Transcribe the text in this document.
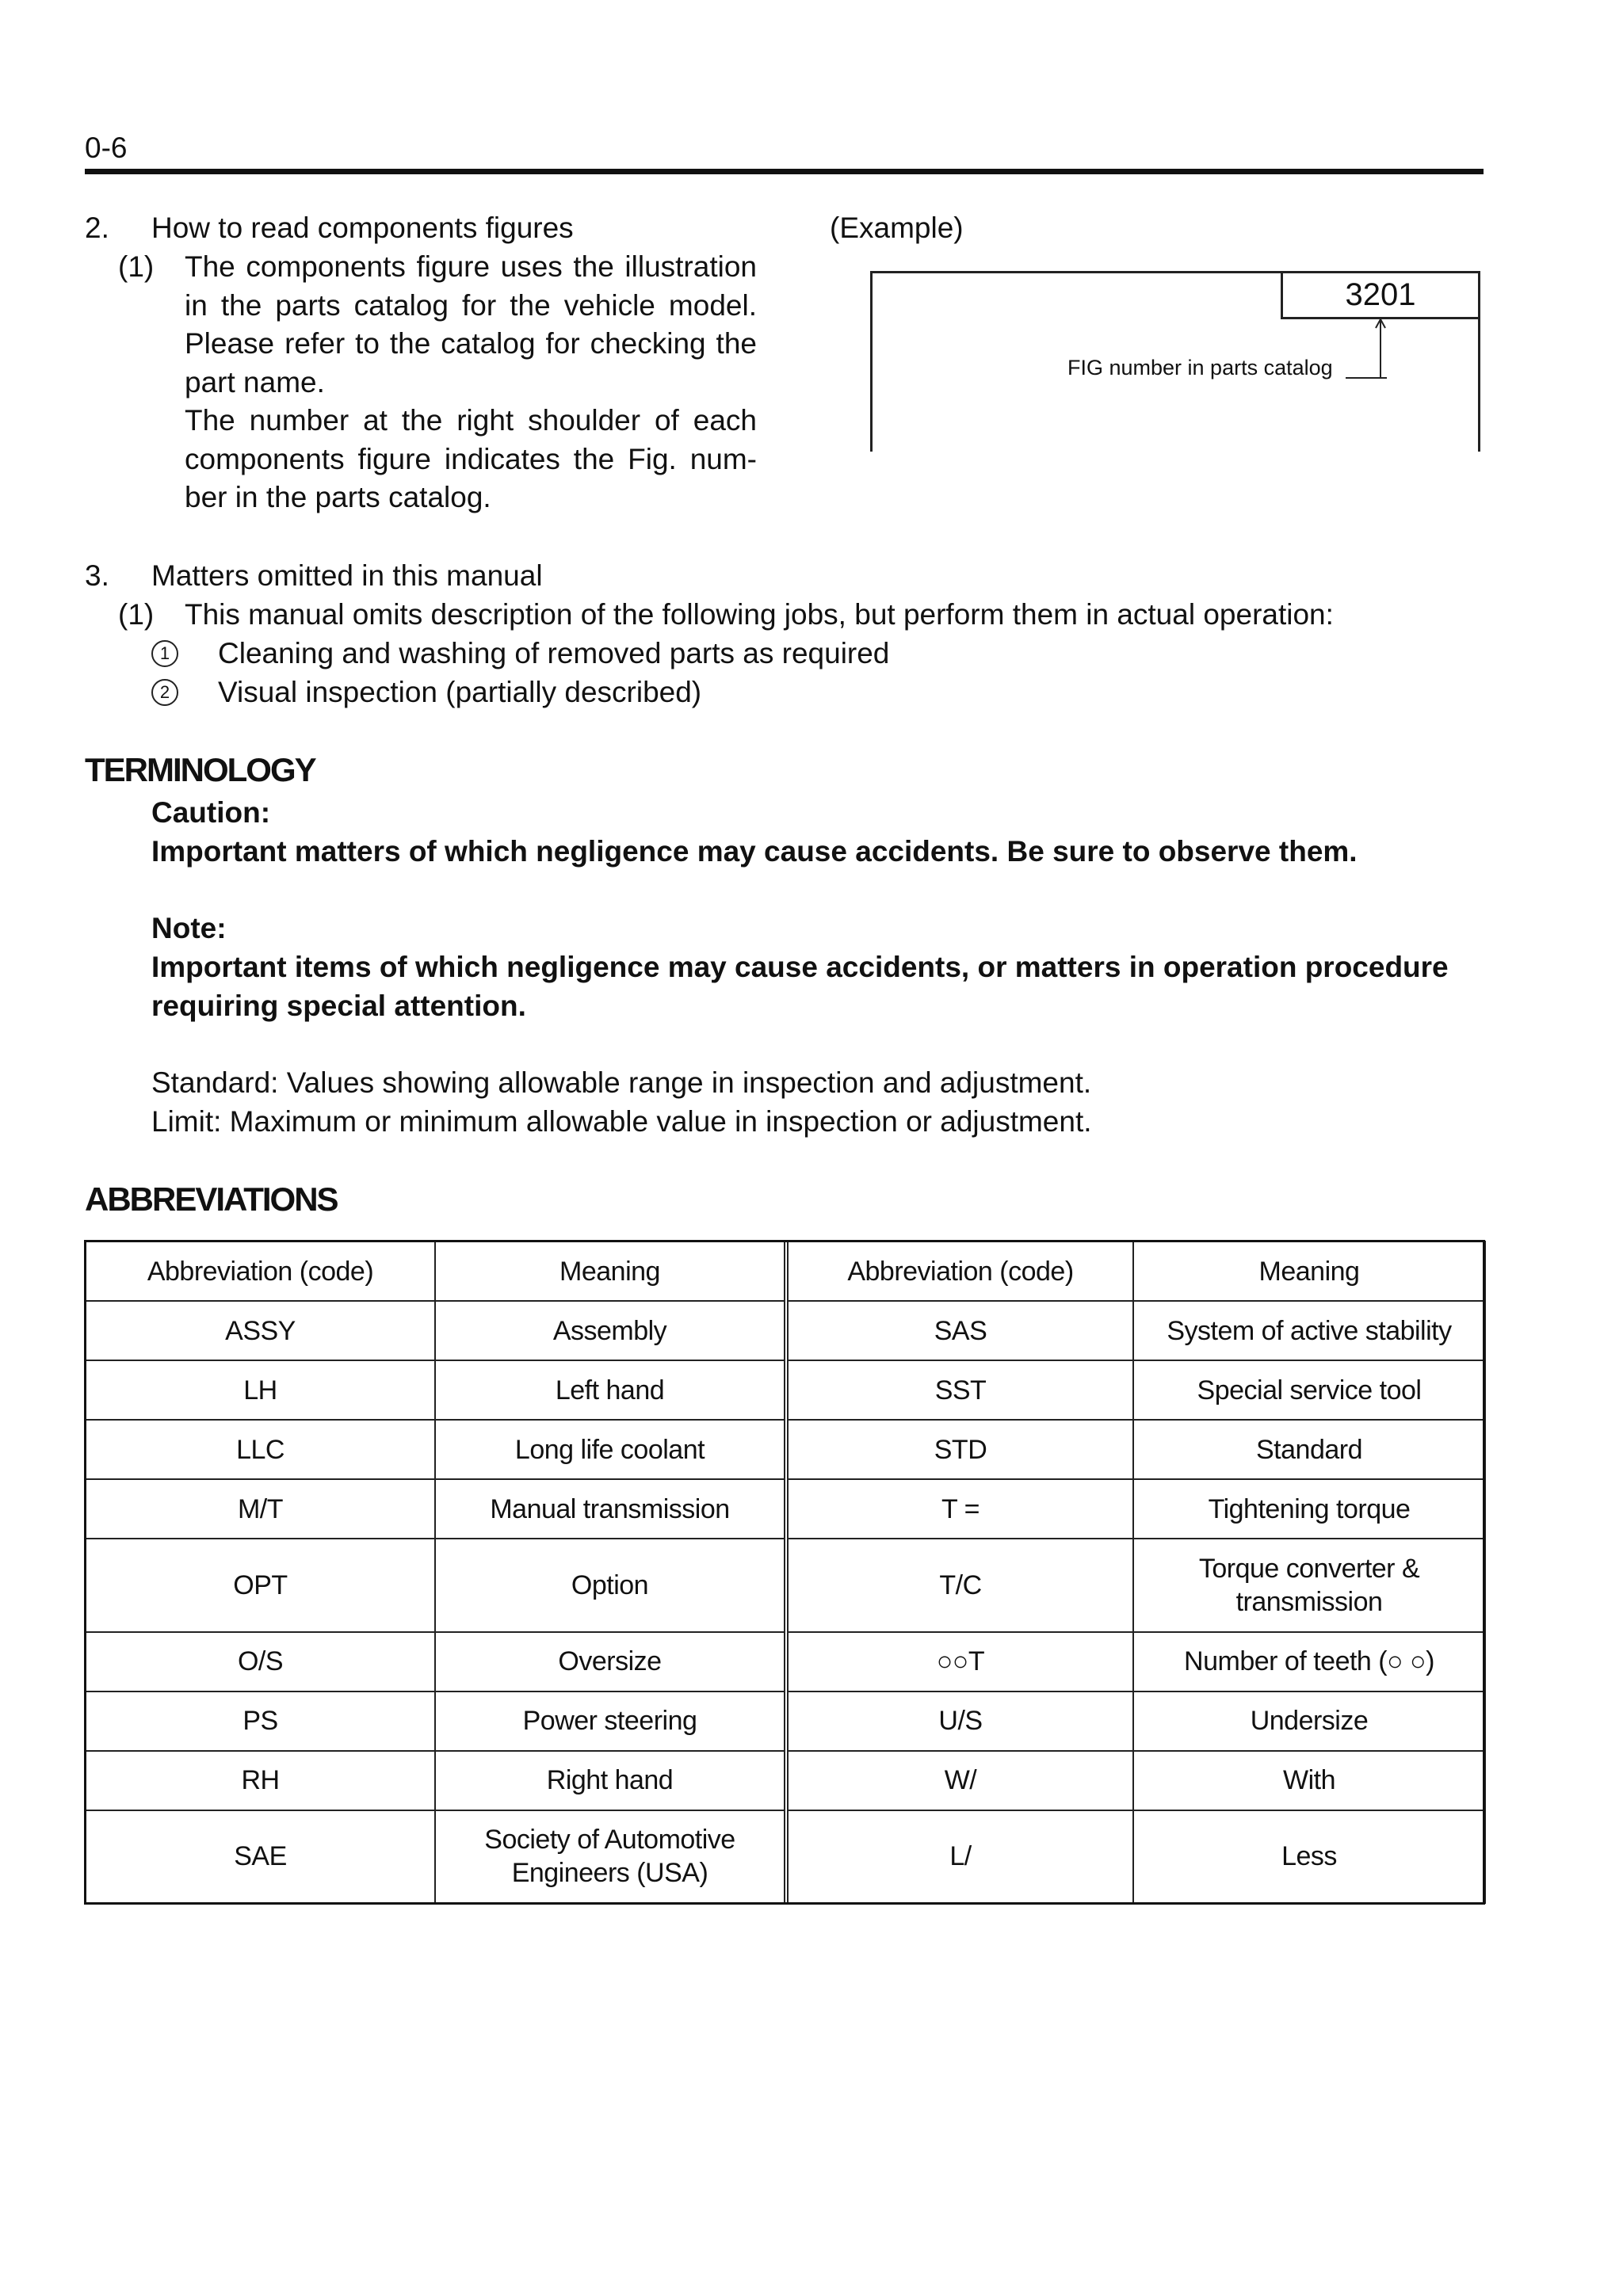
0-6
2. How to read components figures
(1) The components figure uses the illustration

in the parts catalog for the vehicle model.

Please refer to the catalog for checking the

part name.

The number at the right shoulder of each

components figure indicates the Fig. num-

ber in the parts catalog.

(Example)
3201
FIG number in parts catalog
3. Matters omitted in this manual
(1) This manual omits description of the following jobs, but perform them in actual operation:
1 Cleaning and washing of removed parts as required
2 Visual inspection (partially described)
TERMINOLOGY
Caution:
Important matters of which negligence may cause accidents. Be sure to observe them.
Note:
Important items of which negligence may cause accidents, or matters in operation procedure
requiring special attention.
Standard: Values showing allowable range in inspection and adjustment.
Limit: Maximum or minimum allowable value in inspection or adjustment.
ABBREVIATIONS
Abbreviation (code)	Meaning	Abbreviation (code)	Meaning
ASSY	Assembly	SAS	System of active stability
LH	Left hand	SST	Special service tool
LLC	Long life coolant	STD	Standard
M/T	Manual transmission	T =	Tightening torque
OPT	Option	T/C	Torque converter & transmission
O/S	Oversize	○○T	Number of teeth (○ ○)
PS	Power steering	U/S	Undersize
RH	Right hand	W/	With
SAE	Society of Automotive Engineers (USA)	L/	Less
